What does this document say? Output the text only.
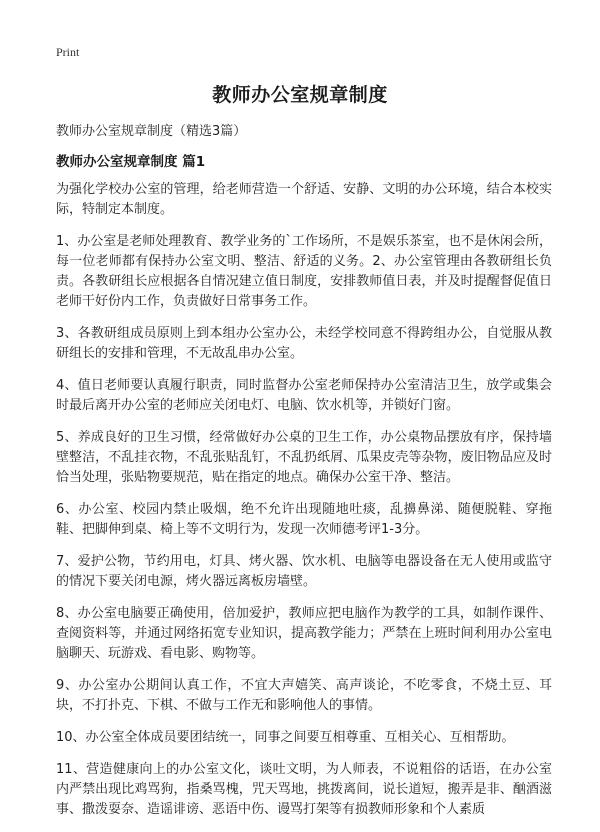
Print
教师办公室规章制度

教师办公室规章制度（精选3篇）

教师办公室规章制度 篇1

为强化学校办公室的管理，给老师营造一个舒适、安静、文明的办公环境，结合本校实际，特制定本制度。

1、办公室是老师处理教育、教学业务的`工作场所，不是娱乐茶室，也不是休闲会所，每一位老师都有保持办公室文明、整洁、舒适的义务。2、办公室管理由各教研组长负责。各教研组长应根据各自情况建立值日制度，安排教师值日表，并及时提醒督促值日老师干好份内工作，负责做好日常事务工作。

3、各教研组成员原则上到本组办公室办公，未经学校同意不得跨组办公，自觉服从教研组长的安排和管理，不无故乱串办公室。

4、值日老师要认真履行职责，同时监督办公室老师保持办公室清洁卫生，放学或集会时最后离开办公室的老师应关闭电灯、电脑、饮水机等，并锁好门窗。

5、养成良好的卫生习惯，经常做好办公桌的卫生工作，办公桌物品摆放有序，保持墙壁整洁，不乱挂衣物，不乱张贴乱钉，不乱扔纸屑、瓜果皮壳等杂物，废旧物品应及时恰当处理，张贴物要规范，贴在指定的地点。确保办公室干净、整洁。

6、办公室、校园内禁止吸烟，绝不允许出现随地吐痰，乱擤鼻涕、随便脱鞋、穿拖鞋、把脚伸到桌、椅上等不文明行为，发现一次师德考评1-3分。

7、爱护公物，节约用电，灯具、烤火器、饮水机、电脑等电器设备在无人使用或监守的情况下要关闭电源，烤火器远离板房墙壁。

8、办公室电脑要正确使用，倍加爱护，教师应把电脑作为教学的工具，如制作课件、查阅资料等，并通过网络拓宽专业知识，提高教学能力；严禁在上班时间利用办公室电脑聊天、玩游戏、看电影、购物等。

9、办公室办公期间认真工作，不宜大声嬉笑、高声谈论，不吃零食，不烧土豆、耳块，不打扑克、下棋、不做与工作无和影响他人的事情。

10、办公室全体成员要团结统一，同事之间要互相尊重、互相关心、互相帮助。

11、营造健康向上的办公室文化，谈吐文明，为人师表，不说粗俗的话语，在办公室内严禁出现比鸡骂狗，指桑骂槐，咒天骂地，挑拨离间，说长道短，搬弄是非、酗酒滋事、撒泼耍奈、造谣诽谤、恶语中伤、谩骂打架等有损教师形象和个人素质
